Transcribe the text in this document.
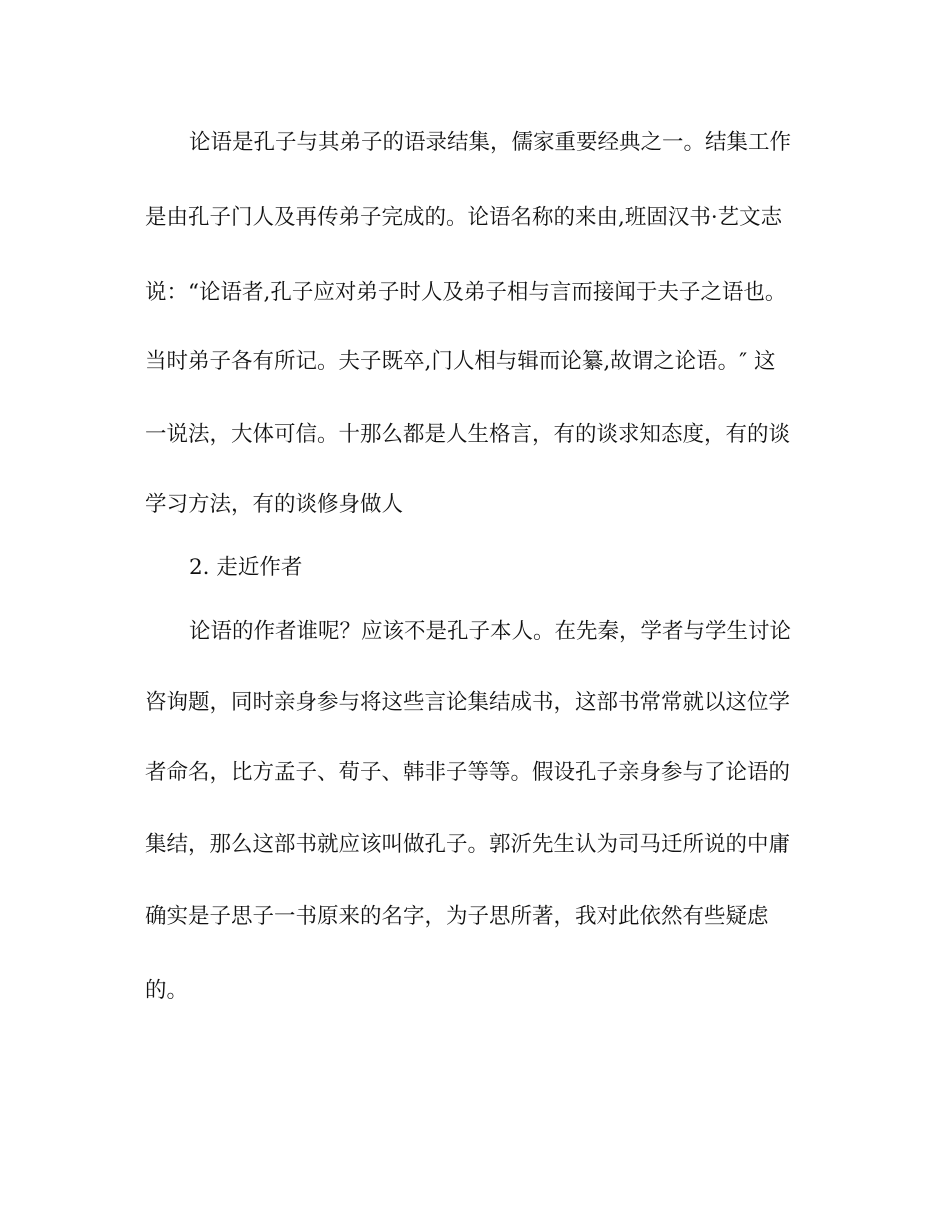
论语是孔子与其弟子的语录结集，儒家重要经典之一。结集工作

是由孔子门人及再传弟子完成的。论语名称的来由,班固汉书·艺文志

说：“论语者,孔子应对弟子时人及弟子相与言而接闻于夫子之语也。

当时弟子各有所记。夫子既卒,门人相与辑而论纂,故谓之论语。″ 这

一说法，大体可信。十那么都是人生格言，有的谈求知态度，有的谈

学习方法，有的谈修身做人

2. 走近作者

论语的作者谁呢？应该不是孔子本人。在先秦，学者与学生讨论

咨询题，同时亲身参与将这些言论集结成书，这部书常常就以这位学

者命名，比方孟子、荀子、韩非子等等。假设孔子亲身参与了论语的

集结，那么这部书就应该叫做孔子。郭沂先生认为司马迁所说的中庸

确实是子思子一书原来的名字，为子思所著，我对此依然有些疑虑

的。
